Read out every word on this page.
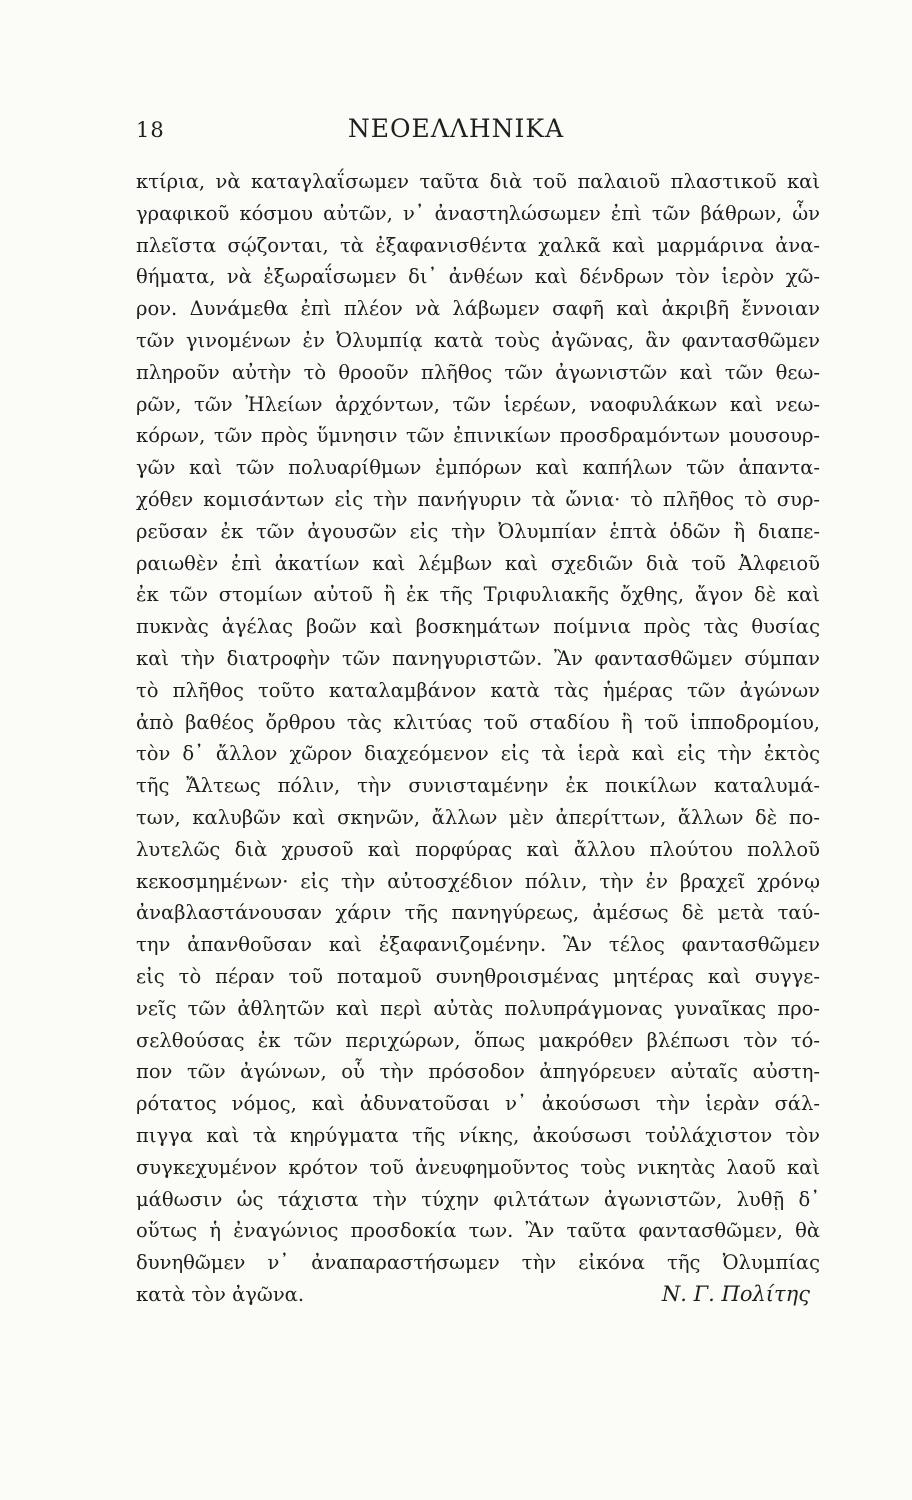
18	ΝΕΟΕΛΛΗΝΙΚΑ
κτίρια, νὰ καταγλαΐσωμεν ταῦτα διὰ τοῦ παλαιοῦ πλαστικοῦ καὶ
γραφικοῦ κόσμου αὐτῶν, ν᾽ ἀναστηλώσωμεν ἐπὶ τῶν βάθρων, ὧν
πλεῖστα σῴζονται, τὰ ἐξαφανισθέντα χαλκᾶ καὶ μαρμάρινα ἀνα-
θήματα, νὰ ἐξωραΐσωμεν δι᾽ ἀνθέων καὶ δένδρων τὸν ἱερὸν χῶ-
ρον. Δυνάμεθα ἐπὶ πλέον νὰ λάβωμεν σαφῆ καὶ ἀκριβῆ ἔννοιαν
τῶν γινομένων ἐν Ὀλυμπίᾳ κατὰ τοὺς ἀγῶνας, ἂν φαντασθῶμεν
πληροῦν αὐτὴν τὸ θροοῦν πλῆθος τῶν ἀγωνιστῶν καὶ τῶν θεω-
ρῶν, τῶν Ἠλείων ἀρχόντων, τῶν ἱερέων, ναοφυλάκων καὶ νεω-
κόρων, τῶν πρὸς ὕμνησιν τῶν ἐπινικίων προσδραμόντων μουσουρ-
γῶν καὶ τῶν πολυαρίθμων ἐμπόρων καὶ καπήλων τῶν ἁπαντα-
χόθεν κομισάντων εἰς τὴν πανήγυριν τὰ ὤνια· τὸ πλῆθος τὸ συρ-
ρεῦσαν ἐκ τῶν ἀγουσῶν εἰς τὴν Ὀλυμπίαν ἑπτὰ ὁδῶν ἢ διαπε-
ραιωθὲν ἐπὶ ἀκατίων καὶ λέμβων καὶ σχεδιῶν διὰ τοῦ Ἀλφειοῦ
ἐκ τῶν στομίων αὐτοῦ ἢ ἐκ τῆς Τριφυλιακῆς ὄχθης, ἄγον δὲ καὶ
πυκνὰς ἀγέλας βοῶν καὶ βοσκημάτων ποίμνια πρὸς τὰς θυσίας
καὶ τὴν διατροφὴν τῶν πανηγυριστῶν. Ἂν φαντασθῶμεν σύμπαν
τὸ πλῆθος τοῦτο καταλαμβάνον κατὰ τὰς ἡμέρας τῶν ἀγώνων
ἀπὸ βαθέος ὄρθρου τὰς κλιτύας τοῦ σταδίου ἢ τοῦ ἱπποδρομίου,
τὸν δ᾽ ἄλλον χῶρον διαχεόμενον εἰς τὰ ἱερὰ καὶ εἰς τὴν ἐκτὸς
τῆς Ἄλτεως πόλιν, τὴν συνισταμένην ἐκ ποικίλων καταλυμά-
των, καλυβῶν καὶ σκηνῶν, ἄλλων μὲν ἀπερίττων, ἄλλων δὲ πο-
λυτελῶς διὰ χρυσοῦ καὶ πορφύρας καὶ ἄλλου πλούτου πολλοῦ
κεκοσμημένων· εἰς τὴν αὐτοσχέδιον πόλιν, τὴν ἐν βραχεῖ χρόνῳ
ἀναβλαστάνουσαν χάριν τῆς πανηγύρεως, ἀμέσως δὲ μετὰ ταύ-
την ἀπανθοῦσαν καὶ ἐξαφανιζομένην. Ἂν τέλος φαντασθῶμεν
εἰς τὸ πέραν τοῦ ποταμοῦ συνηθροισμένας μητέρας καὶ συγγε-
νεῖς τῶν ἀθλητῶν καὶ περὶ αὐτὰς πολυπράγμονας γυναῖκας προ-
σελθούσας ἐκ τῶν περιχώρων, ὅπως μακρόθεν βλέπωσι τὸν τό-
πον τῶν ἀγώνων, οὗ τὴν πρόσοδον ἀπηγόρευεν αὐταῖς αὐστη-
ρότατος νόμος, καὶ ἀδυνατοῦσαι ν᾽ ἀκούσωσι τὴν ἱερὰν σάλ-
πιγγα καὶ τὰ κηρύγματα τῆς νίκης, ἀκούσωσι τοὐλάχιστον τὸν
συγκεχυμένον κρότον τοῦ ἀνευφημοῦντος τοὺς νικητὰς λαοῦ καὶ
μάθωσιν ὡς τάχιστα τὴν τύχην φιλτάτων ἀγωνιστῶν, λυθῇ δ᾽
οὕτως ἡ ἐναγώνιος προσδοκία των. Ἂν ταῦτα φαντασθῶμεν, θὰ
δυνηθῶμεν ν᾽ ἀναπαραστήσωμεν τὴν εἰκόνα τῆς Ὀλυμπίας
κατὰ τὸν ἀγῶνα.	Ν. Γ. Πολίτης
